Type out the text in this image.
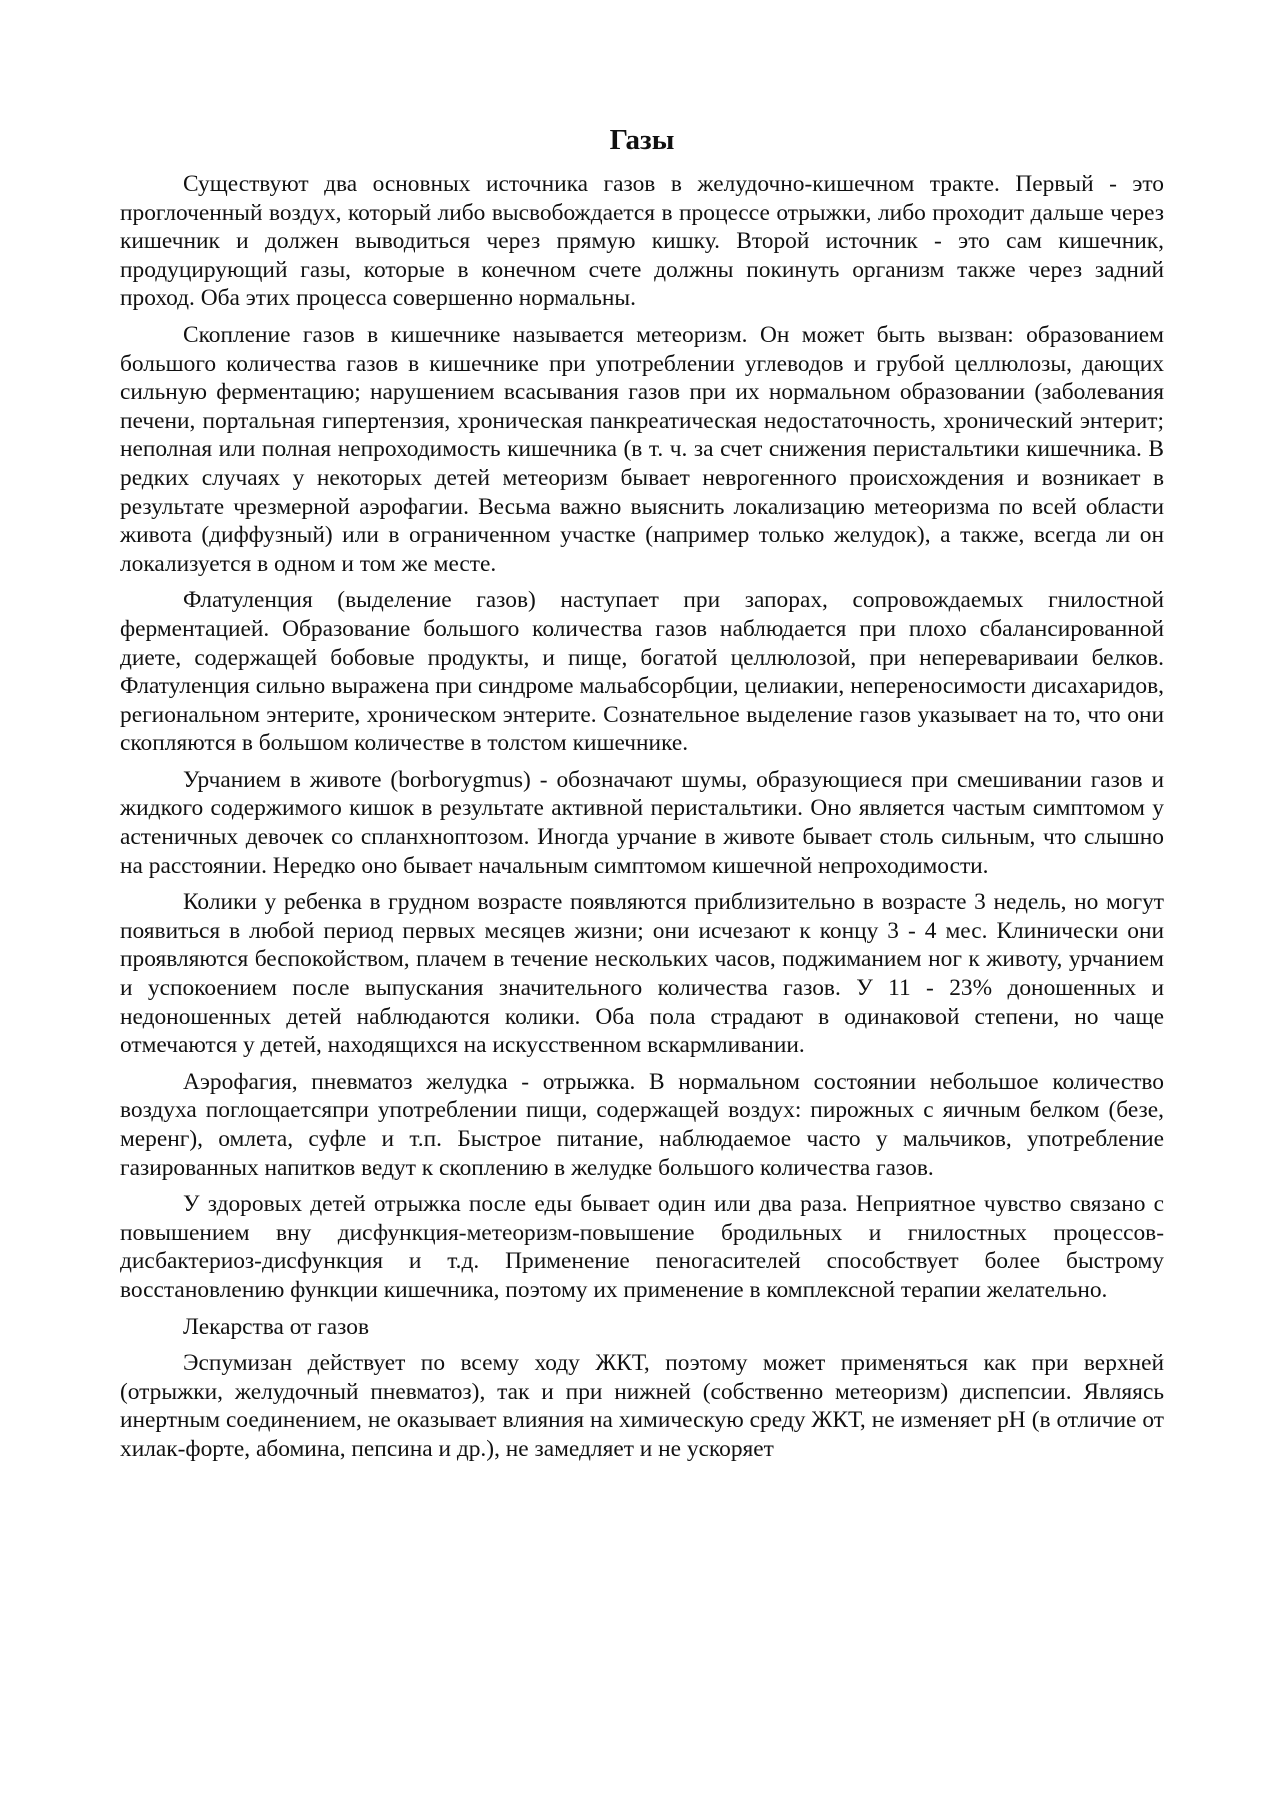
Газы

Существуют два основных источника газов в желудочно-кишечном тракте. Первый - это проглоченный воздух, который либо высвобождается в процессе отрыжки, либо проходит дальше через кишечник и должен выводиться через прямую кишку. Второй источник - это сам кишечник, продуцирующий газы, которые в конечном счете должны покинуть организм также через задний проход. Оба этих процесса совершенно нормальны.

Скопление газов в кишечнике называется метеоризм. Он может быть вызван: образованием большого количества газов в кишечнике при употреблении углеводов и грубой целлюлозы, дающих сильную ферментацию; нарушением всасывания газов при их нормальном образовании (заболевания печени, портальная гипертензия, хроническая панкреатическая недостаточность, хронический энтерит; неполная или полная непроходимость кишечника (в т. ч. за счет снижения перистальтики кишечника. В редких случаях у некоторых детей метеоризм бывает неврогенного происхождения и возникает в результате чрезмерной аэрофагии. Весьма важно выяснить локализацию метеоризма по всей области живота (диффузный) или в ограниченном участке (например только желудок), а также, всегда ли он локализуется в одном и том же месте.

Флатуленция (выделение газов) наступает при запорах, сопровождаемых гнилостной ферментацией. Образование большого количества газов наблюдается при плохо сбалансированной диете, содержащей бобовые продукты, и пище, богатой целлюлозой, при неперевариваии белков. Флатуленция сильно выражена при синдроме мальабсорбции, целиакии, непереносимости дисахаридов, региональном энтерите, хроническом энтерите. Сознательное выделение газов указывает на то, что они скопляются в большом количестве в толстом кишечнике.

Урчанием в животе (borborygmus) - обозначают шумы, образующиеся при смешивании газов и жидкого содержимого кишок в результате активной перистальтики. Оно является частым симптомом у астеничных девочек со спланхноптозом. Иногда урчание в животе бывает столь сильным, что слышно на расстоянии. Нередко оно бывает начальным симптомом кишечной непроходимости.

Колики у ребенка в грудном возрасте появляются приблизительно в возрасте 3 недель, но могут появиться в любой период первых месяцев жизни; они исчезают к концу 3 - 4 мес. Клинически они проявляются беспокойством, плачем в течение нескольких часов, поджиманием ног к животу, урчанием и успокоением после выпускания значительного количества газов. У 11 - 23% доношенных и недоношенных детей наблюдаются колики. Оба пола страдают в одинаковой степени, но чаще отмечаются у детей, находящихся на искусственном вскармливании.

Аэрофагия, пневматоз желудка - отрыжка. В нормальном состоянии небольшое количество воздуха поглощаетсяпри употреблении пищи, содержащей воздух: пирожных с яичным белком (безе, меренг), омлета, суфле и т.п. Быстрое питание, наблюдаемое часто у мальчиков, употребление газированных напитков ведут к скоплению в желудке большого количества газов.

У здоровых детей отрыжка после еды бывает один или два раза. Неприятное чувство связано с повышением вну дисфункция-метеоризм-повышение бродильных и гнилостных процессов-дисбактериоз-дисфункция и т.д. Применение пеногасителей способствует более быстрому восстановлению функции кишечника, поэтому их применение в комплексной терапии желательно.

Лекарства от газов

Эспумизан действует по всему ходу ЖКТ, поэтому может применяться как при верхней (отрыжки, желудочный пневматоз), так и при нижней (собственно метеоризм) диспепсии. Являясь инертным соединением, не оказывает влияния на химическую среду ЖКТ, не изменяет pH (в отличие от хилак-форте, абомина, пепсина и др.), не замедляет и не ускоряет
